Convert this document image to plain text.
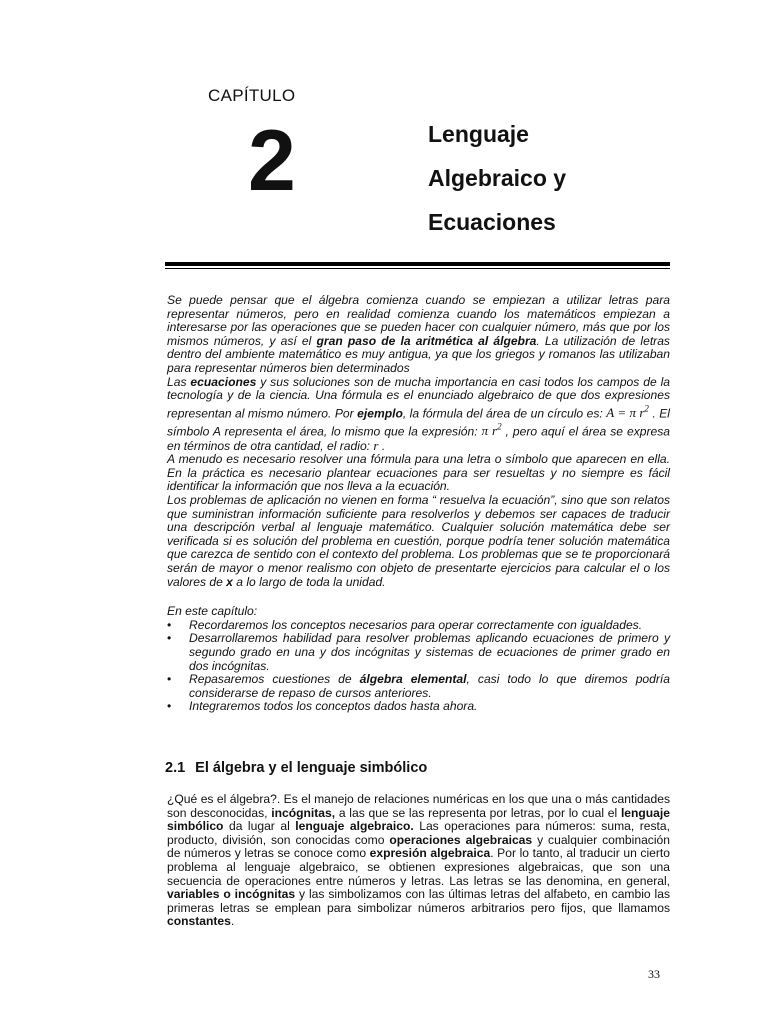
CAPÍTULO
2	Lenguaje
Algebraico y
Ecuaciones

Se puede pensar que el álgebra comienza cuando se empiezan a utilizar letras para representar números, pero en realidad comienza cuando los matemáticos empiezan a interesarse por las operaciones que se pueden hacer con cualquier número, más que por los mismos números, y así el gran paso de la aritmética al álgebra. La utilización de letras dentro del ambiente matemático es muy antigua, ya que los griegos y romanos las utilizaban para representar números bien determinados

Las ecuaciones y sus soluciones son de mucha importancia en casi todos los campos de la tecnología y de la ciencia. Una fórmula es el enunciado algebraico de que dos expresiones representan al mismo número. Por ejemplo, la fórmula del área de un círculo es: A = π $r^2$ . El símbolo A representa el área, lo mismo que la expresión: π $r^2$ , pero aquí el área se expresa en términos de otra cantidad, el radio: r .

A menudo es necesario resolver una fórmula para una letra o símbolo que aparecen en ella. En la práctica es necesario plantear ecuaciones para ser resueltas y no siempre es fácil identificar la información que nos lleva a la ecuación.

Los problemas de aplicación no vienen en forma “ resuelva la ecuación”, sino que son relatos que suministran información suficiente para resolverlos y debemos ser capaces de traducir una descripción verbal al lenguaje matemático. Cualquier solución matemática debe ser verificada si es solución del problema en cuestión, porque podría tener solución matemática que carezca de sentido con el contexto del problema. Los problemas que se te proporcionará serán de mayor o menor realismo con objeto de presentarte ejercicios para calcular el o los valores de x a lo largo de toda la unidad.

En este capítulo:

• Recordaremos los conceptos necesarios para operar correctamente con igualdades.
• Desarrollaremos habilidad para resolver problemas aplicando ecuaciones de primero y segundo grado en una y dos incógnitas y sistemas de ecuaciones de primer grado en dos incógnitas.
• Repasaremos cuestiones de álgebra elemental, casi todo lo que diremos podría considerarse de repaso de cursos anteriores.
• Integraremos todos los conceptos dados hasta ahora.
2.1 El álgebra y el lenguaje simbólico

¿Qué es el álgebra?. Es el manejo de relaciones numéricas en los que una o más cantidades son desconocidas, incógnitas, a las que se las representa por letras, por lo cual el lenguaje simbólico da lugar al lenguaje algebraico. Las operaciones para números: suma, resta, producto, división, son conocidas como operaciones algebraicas y cualquier combinación de números y letras se conoce como expresión algebraica. Por lo tanto, al traducir un cierto problema al lenguaje algebraico, se obtienen expresiones algebraicas, que son una secuencia de operaciones entre números y letras. Las letras se las denomina, en general, variables o incógnitas y las simbolizamos con las últimas letras del alfabeto, en cambio las primeras letras se emplean para simbolizar números arbitrarios pero fijos, que llamamos constantes.

33
